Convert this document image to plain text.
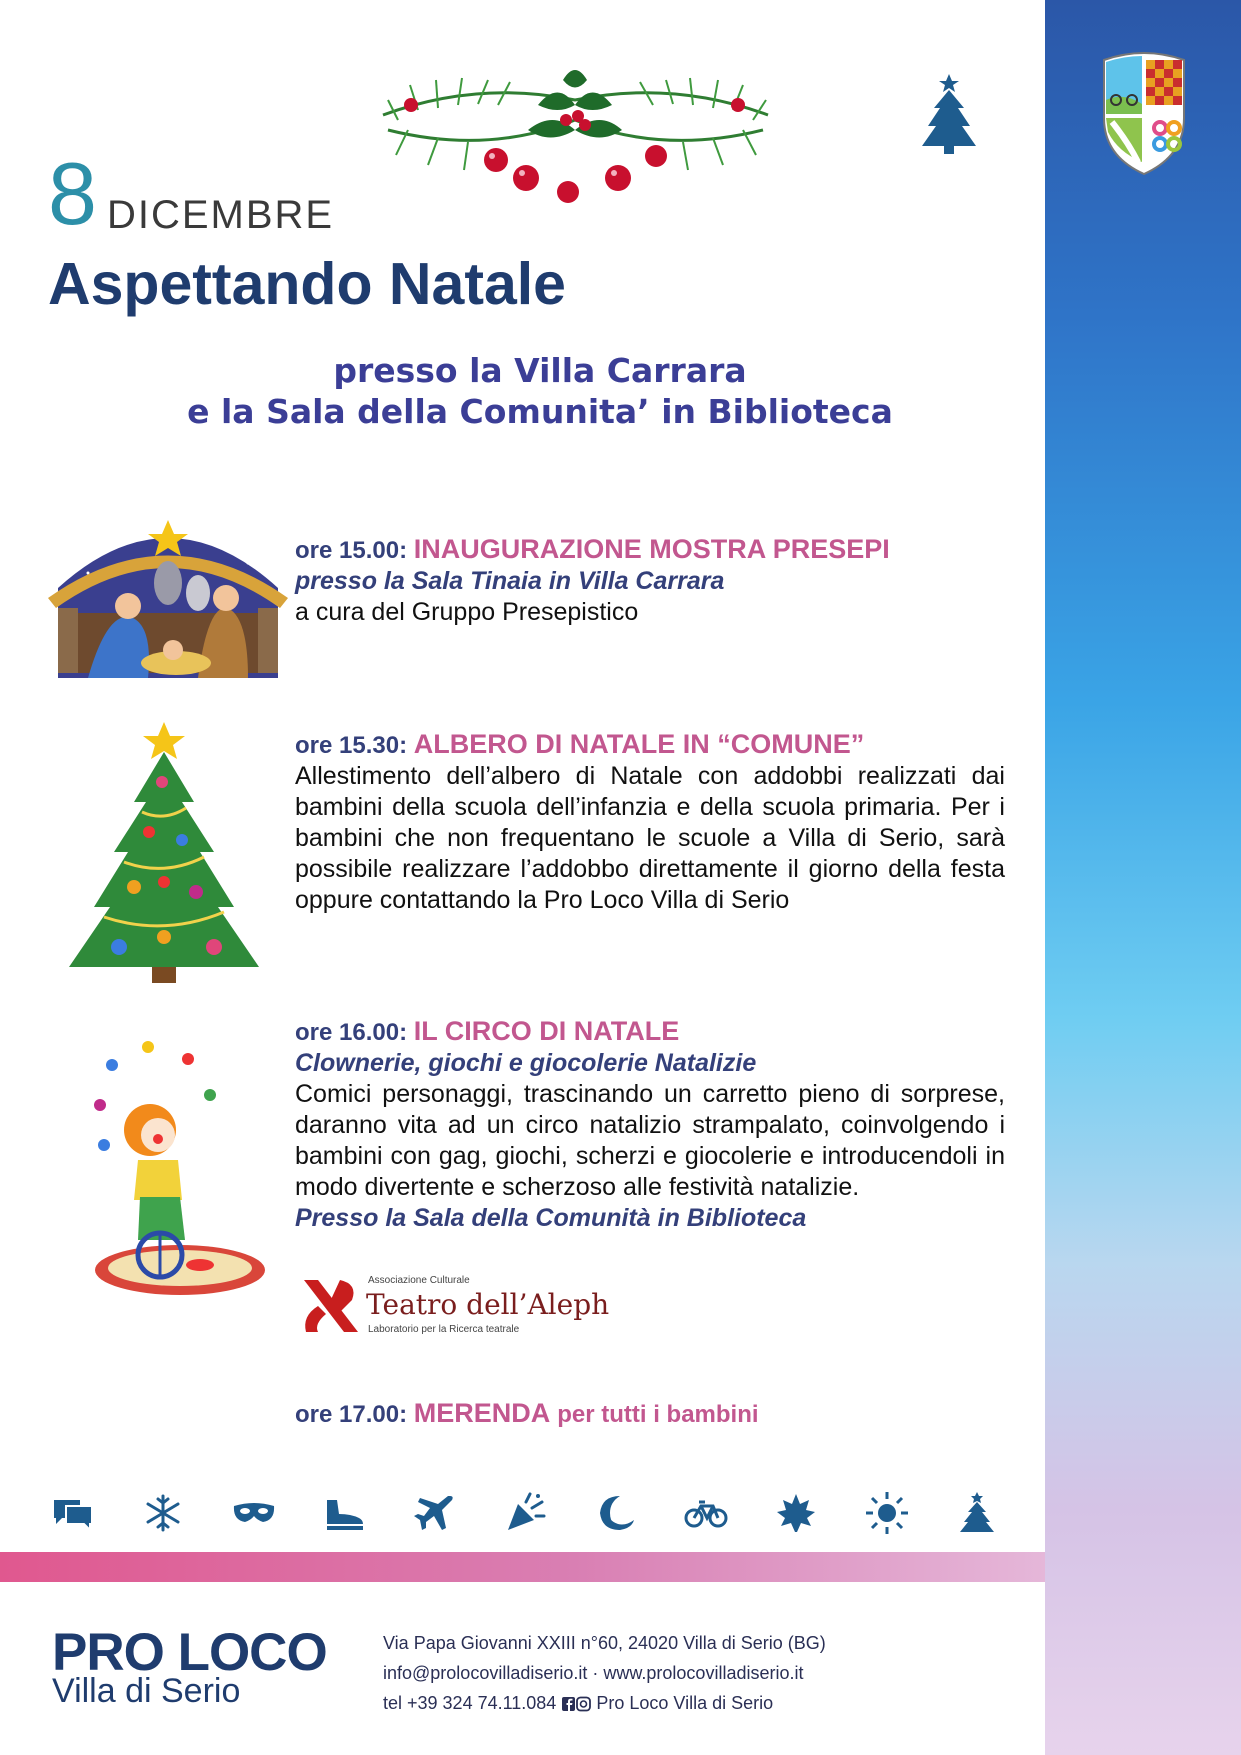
8 DICEMBRE
Aspettando Natale
presso la Villa Carrara
e la Sala della Comunita’ in Biblioteca
ore 15.00: INAUGURAZIONE MOSTRA PRESEPI
presso la Sala Tinaia in Villa Carrara
a cura del Gruppo Presepistico
ore 15.30: ALBERO DI NATALE IN “COMUNE”
Allestimento dell’albero di Natale con addobbi realizzati dai bambini della scuola dell’infanzia e della scuola primaria. Per i bambini che non frequentano le scuole a Villa di Serio, sarà possibile realizzare l’addobbo direttamente il giorno della festa oppure contattando la Pro Loco Villa di Serio
ore 16.00: IL CIRCO DI NATALE
Clownerie, giochi e giocolerie Natalizie
Comici personaggi, trascinando un carretto pieno di sorprese, daranno vita ad un circo natalizio strampalato, coinvolgendo i bambini con gag, giochi, scherzi e giocolerie e introducendoli in modo divertente e scherzoso alle festività natalizie.
Presso la Sala della Comunità in Biblioteca
Associazione Culturale
Teatro dell’Aleph
Laboratorio per la Ricerca teatrale
ore 17.00: MERENDA per tutti i bambini
PRO LOCO
Villa di Serio
Via Papa Giovanni XXIII n°60, 24020 Villa di Serio (BG)
info@prolocovilladiserio.it · www.prolocovilladiserio.it
tel +39 324 74.11.084 Pro Loco Villa di Serio
